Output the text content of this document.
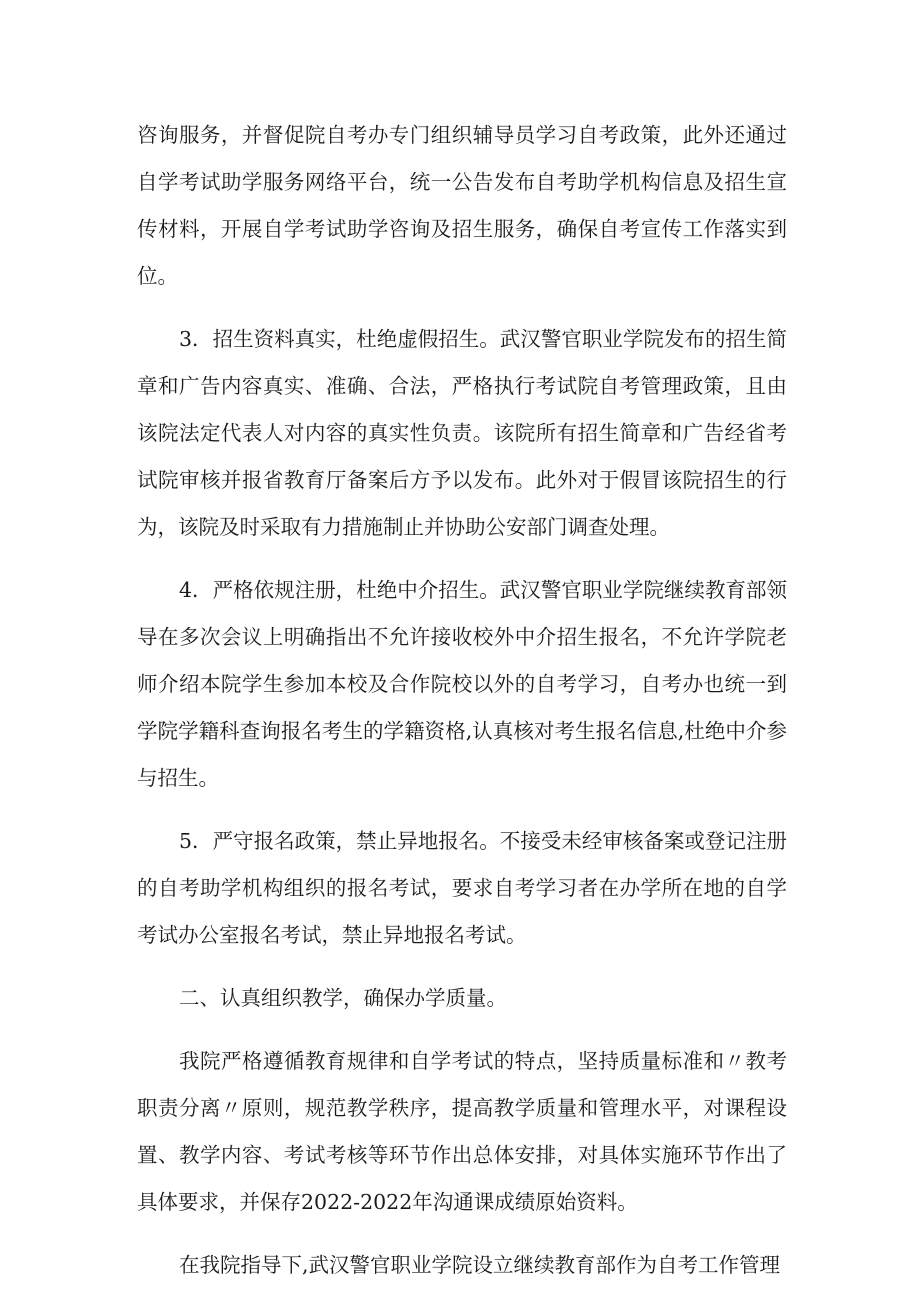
咨询服务，并督促院自考办专门组织辅导员学习自考政策，此外还通过自学考试助学服务网络平台，统一公告发布自考助学机构信息及招生宣传材料，开展自学考试助学咨询及招生服务，确保自考宣传工作落实到位。

3．招生资料真实，杜绝虚假招生。武汉警官职业学院发布的招生简章和广告内容真实、准确、合法，严格执行考试院自考管理政策，且由该院法定代表人对内容的真实性负责。该院所有招生简章和广告经省考试院审核并报省教育厅备案后方予以发布。此外对于假冒该院招生的行为，该院及时采取有力措施制止并协助公安部门调查处理。

4．严格依规注册，杜绝中介招生。武汉警官职业学院继续教育部领导在多次会议上明确指出不允许接收校外中介招生报名，不允许学院老师介绍本院学生参加本校及合作院校以外的自考学习，自考办也统一到学院学籍科查询报名考生的学籍资格,认真核对考生报名信息,杜绝中介参与招生。

5．严守报名政策，禁止异地报名。不接受未经审核备案或登记注册的自考助学机构组织的报名考试，要求自考学习者在办学所在地的自学考试办公室报名考试，禁止异地报名考试。

二、认真组织教学，确保办学质量。

我院严格遵循教育规律和自学考试的特点，坚持质量标准和〃教考职责分离〃原则，规范教学秩序，提高教学质量和管理水平，对课程设置、教学内容、考试考核等环节作出总体安排，对具体实施环节作出了具体要求，并保存2022-2022年沟通课成绩原始资料。

在我院指导下,武汉警官职业学院设立继续教育部作为自考工作管理
